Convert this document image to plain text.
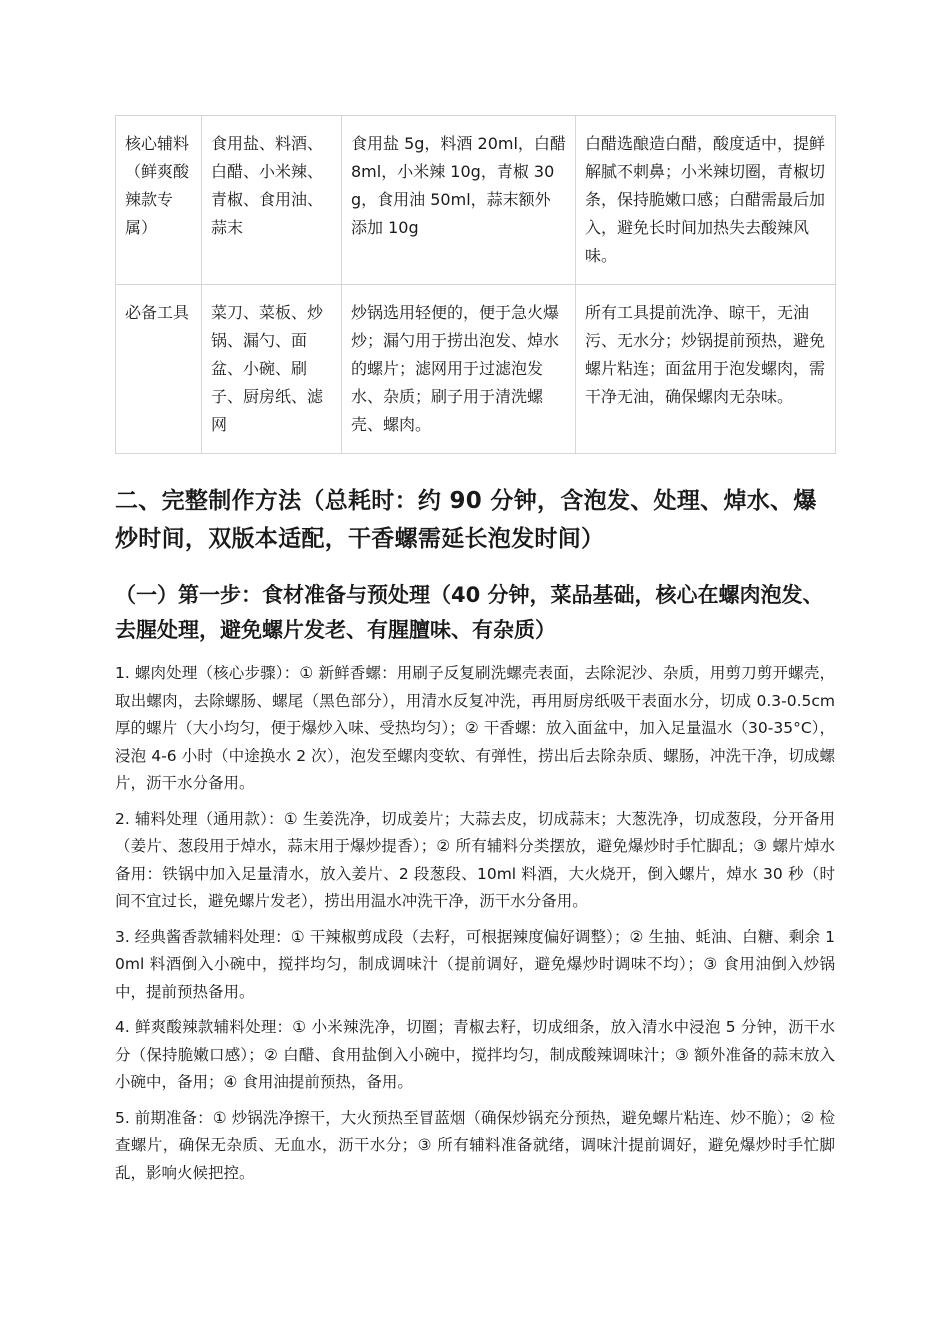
核心辅料（鲜爽酸辣款专属）	食用盐、料酒、白醋、小米辣、青椒、食用油、蒜末	食用盐 5g，料酒 20ml，白醋 8ml，小米辣 10g，青椒 30g，食用油 50ml，蒜末额外添加 10g	白醋选酿造白醋，酸度适中，提鲜解腻不刺鼻；小米辣切圈，青椒切条，保持脆嫩口感；白醋需最后加入，避免长时间加热失去酸辣风味。
必备工具	菜刀、菜板、炒锅、漏勺、面盆、小碗、刷子、厨房纸、滤网	炒锅选用轻便的，便于急火爆炒；漏勺用于捞出泡发、焯水的螺片；滤网用于过滤泡发水、杂质；刷子用于清洗螺壳、螺肉。	所有工具提前洗净、晾干，无油污、无水分；炒锅提前预热，避免螺片粘连；面盆用于泡发螺肉，需干净无油，确保螺肉无杂味。
二、完整制作方法（总耗时：约 90 分钟，含泡发、处理、焯水、爆炒时间，双版本适配，干香螺需延长泡发时间）
（一）第一步：食材准备与预处理（40 分钟，菜品基础，核心在螺肉泡发、去腥处理，避免螺片发老、有腥膻味、有杂质）

1. 螺肉处理（核心步骤）：① 新鲜香螺：用刷子反复刷洗螺壳表面，去除泥沙、杂质，用剪刀剪开螺壳，取出螺肉，去除螺肠、螺尾（黑色部分），用清水反复冲洗，再用厨房纸吸干表面水分，切成 0.3-0.5cm 厚的螺片（大小均匀，便于爆炒入味、受热均匀）；② 干香螺：放入面盆中，加入足量温水（30-35°C），浸泡 4-6 小时（中途换水 2 次），泡发至螺肉变软、有弹性，捞出后去除杂质、螺肠，冲洗干净，切成螺片，沥干水分备用。

2. 辅料处理（通用款）：① 生姜洗净，切成姜片；大蒜去皮，切成蒜末；大葱洗净，切成葱段，分开备用（姜片、葱段用于焯水，蒜末用于爆炒提香）；② 所有辅料分类摆放，避免爆炒时手忙脚乱；③ 螺片焯水备用：铁锅中加入足量清水，放入姜片、2 段葱段、10ml 料酒，大火烧开，倒入螺片，焯水 30 秒（时间不宜过长，避免螺片发老），捞出用温水冲洗干净，沥干水分备用。

3. 经典酱香款辅料处理：① 干辣椒剪成段（去籽，可根据辣度偏好调整）；② 生抽、蚝油、白糖、剩余 10ml 料酒倒入小碗中，搅拌均匀，制成调味汁（提前调好，避免爆炒时调味不均）；③ 食用油倒入炒锅中，提前预热备用。

4. 鲜爽酸辣款辅料处理：① 小米辣洗净，切圈；青椒去籽，切成细条，放入清水中浸泡 5 分钟，沥干水分（保持脆嫩口感）；② 白醋、食用盐倒入小碗中，搅拌均匀，制成酸辣调味汁；③ 额外准备的蒜末放入小碗中，备用；④ 食用油提前预热，备用。

5. 前期准备：① 炒锅洗净擦干，大火预热至冒蓝烟（确保炒锅充分预热，避免螺片粘连、炒不脆）；② 检查螺片，确保无杂质、无血水，沥干水分；③ 所有辅料准备就绪，调味汁提前调好，避免爆炒时手忙脚乱，影响火候把控。
